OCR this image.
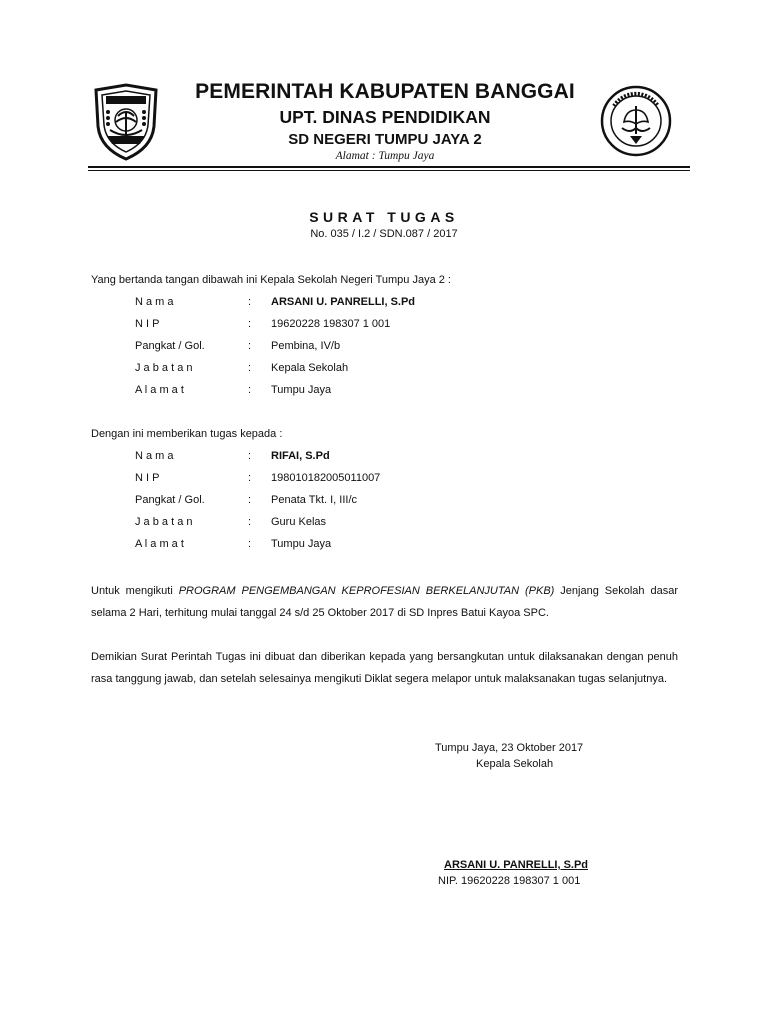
PEMERINTAH KABUPATEN BANGGAI
UPT. DINAS PENDIDIKAN
SD NEGERI TUMPU JAYA 2
Alamat : Tumpu Jaya
SURAT TUGAS
No. 035 / I.2 / SDN.087 / 2017
Yang bertanda tangan dibawah ini Kepala Sekolah Negeri Tumpu Jaya 2 :
N a m a	: ARSANI U. PANRELLI, S.Pd
N I P	: 19620228 198307 1 001
Pangkat / Gol.	: Pembina, IV/b
J a b a t a n	: Kepala Sekolah
A l a m a t	: Tumpu Jaya
Dengan ini memberikan tugas kepada :
N a m a	: RIFAI, S.Pd
N I P	: 198010182005011007
Pangkat / Gol.	: Penata Tkt. I, III/c
J a b a t a n	: Guru Kelas
A l a m a t	: Tumpu Jaya
Untuk mengikuti PROGRAM PENGEMBANGAN KEPROFESIAN BERKELANJUTAN (PKB) Jenjang Sekolah dasar selama 2 Hari, terhitung mulai tanggal 24 s/d 25 Oktober 2017 di SD Inpres Batui Kayoa SPC.
Demikian Surat Perintah Tugas ini dibuat dan diberikan kepada yang bersangkutan untuk dilaksanakan dengan penuh rasa tanggung jawab, dan setelah selesainya mengikuti Diklat segera melapor untuk malaksanakan tugas selanjutnya.
Tumpu Jaya, 23 Oktober 2017
Kepala Sekolah
ARSANI U. PANRELLI, S.Pd
NIP. 19620228 198307 1 001
